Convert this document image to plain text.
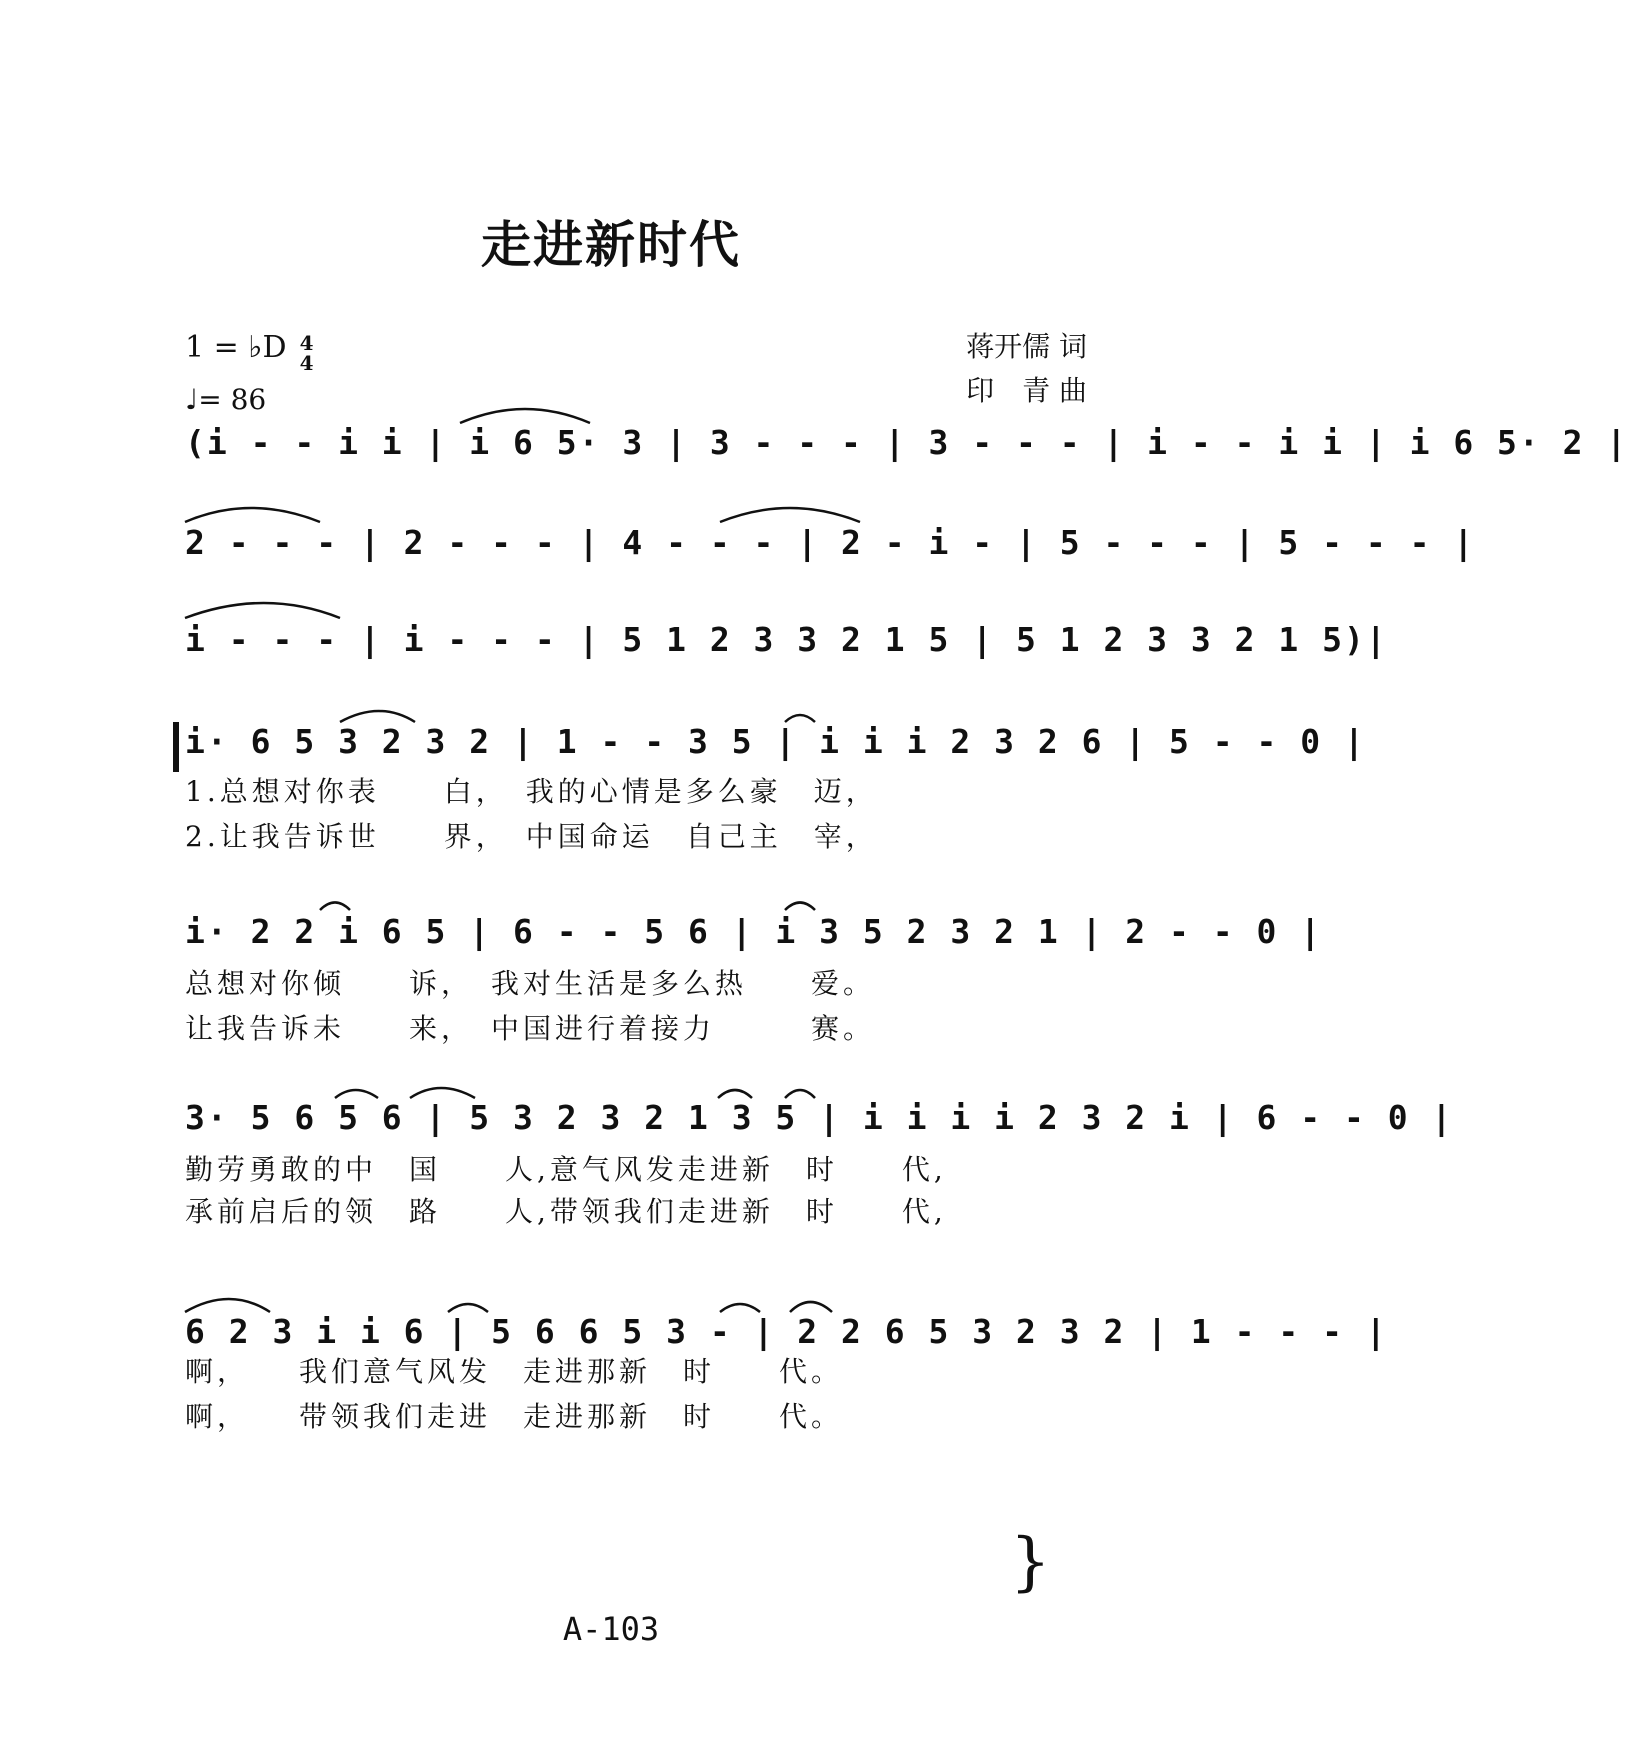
走进新时代
1 = ♭D 4
4
♩= 86
蒋开儒 词
印　青 曲
(i - - i i | i 6 5· 3 | 3 - - - | 3 - - - | i - - i i | i 6 5· 2 |
2 - - - | 2 - - - | 4 - - - | 2 - i - | 5 - - - | 5 - - - |
i - - - | i - - - | 5 1 2 3 3 2 1 5 | 5 1 2 3 3 2 1 5)|
i· 6 5 3 2 3 2 | 1 - - 3 5 | i i i 2 3 2 6 | 5 - - 0 |
1.总想对你表　　白，　我的心情是多么豪　迈，
2.让我告诉世　　界，　中国命运　自己主　宰，
i· 2 2 i 6 5 | 6 - - 5 6 | i 3 5 2 3 2 1 | 2 - - 0 |
总想对你倾　　诉，　我对生活是多么热　　爱。
让我告诉未　　来，　中国进行着接力　　　赛。
3· 5 6 5 6 | 5 3 2 3 2 1 3 5 | i i i i 2 3 2 i | 6 - - 0 |
勤劳勇敢的中　国　　人,意气风发走进新　时　　代,
承前启后的领　路　　人,带领我们走进新　时　　代,
6 2 3 i i 6 | 5 6 6 5 3 - | 2 2 6 5 3 2 3 2 | 1 - - - |
啊，　　我们意气风发　走进那新　时　　代。
啊，　　带领我们走进　走进那新　时　　代。
}
A-103
